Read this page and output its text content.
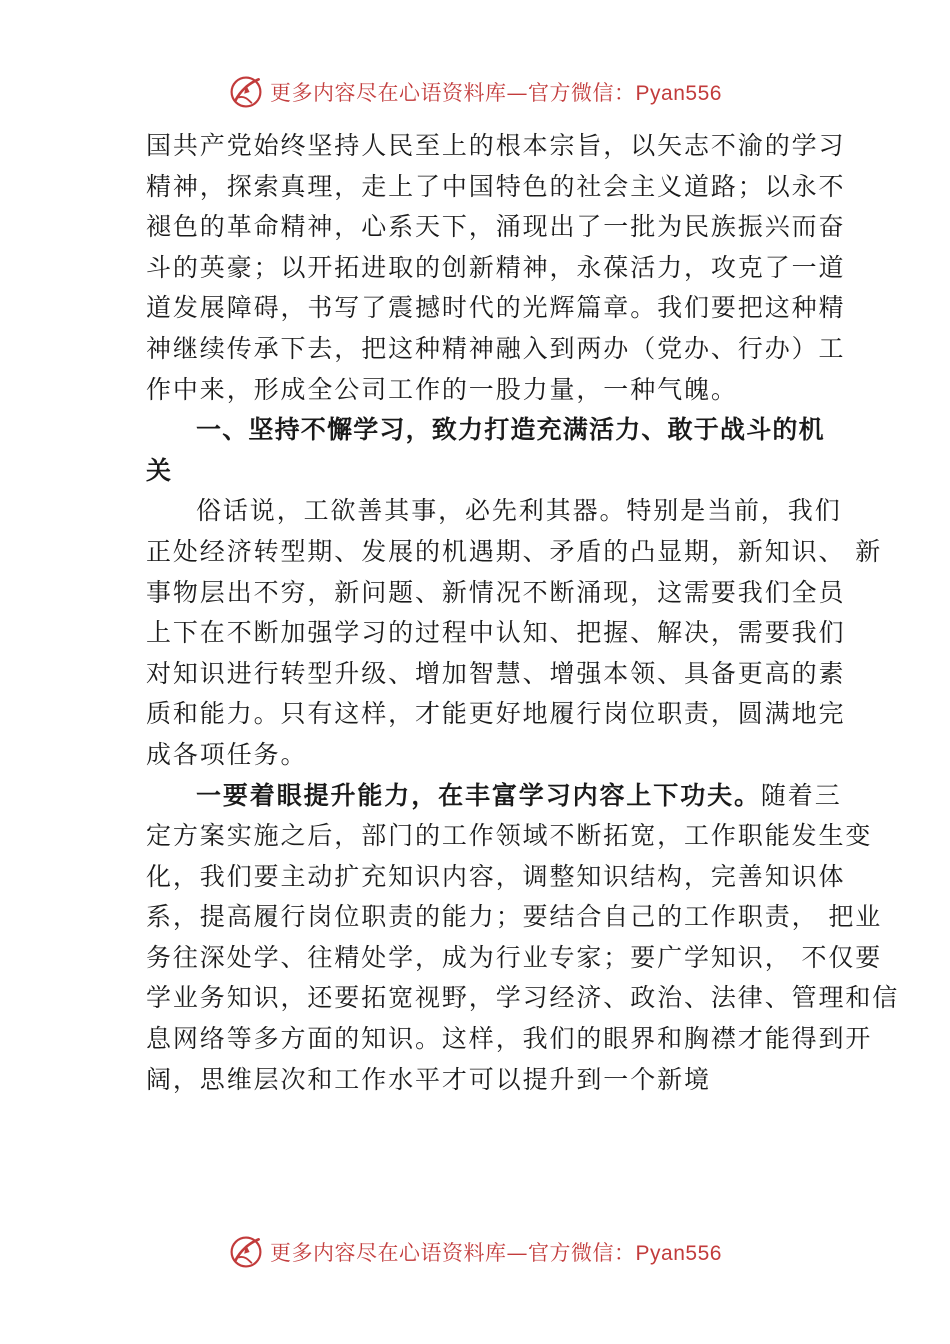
更多内容尽在心语资料库—官方微信：Pyan556
国共产党始终坚持人民至上的根本宗旨，以矢志不渝的学习
精神，探索真理，走上了中国特色的社会主义道路；以永不
褪色的革命精神，心系天下，涌现出了一批为民族振兴而奋
斗的英豪；以开拓进取的创新精神，永葆活力，攻克了一道
道发展障碍，书写了震撼时代的光辉篇章。我们要把这种精
神继续传承下去，把这种精神融入到两办（党办、行办）工
作中来，形成全公司工作的一股力量，一种气魄。
一、坚持不懈学习，致力打造充满活力、敢于战斗的机
关
俗话说，工欲善其事，必先利其器。特别是当前，我们
正处经济转型期、发展的机遇期、矛盾的凸显期，新知识、 新
事物层出不穷，新问题、新情况不断涌现，这需要我们全员
上下在不断加强学习的过程中认知、把握、解决，需要我们
对知识进行转型升级、增加智慧、增强本领、具备更高的素
质和能力。只有这样，才能更好地履行岗位职责，圆满地完
成各项任务。
一要着眼提升能力，在丰富学习内容上下功夫。随着三
定方案实施之后，部门的工作领域不断拓宽，工作职能发生变
化，我们要主动扩充知识内容，调整知识结构，完善知识体
系，提高履行岗位职责的能力；要结合自己的工作职责， 把业
务往深处学、往精处学，成为行业专家；要广学知识， 不仅要
学业务知识，还要拓宽视野，学习经济、政治、法律、管理和信
息网络等多方面的知识。这样，我们的眼界和胸襟才能得到开
阔，思维层次和工作水平才可以提升到一个新境
更多内容尽在心语资料库—官方微信：Pyan556
